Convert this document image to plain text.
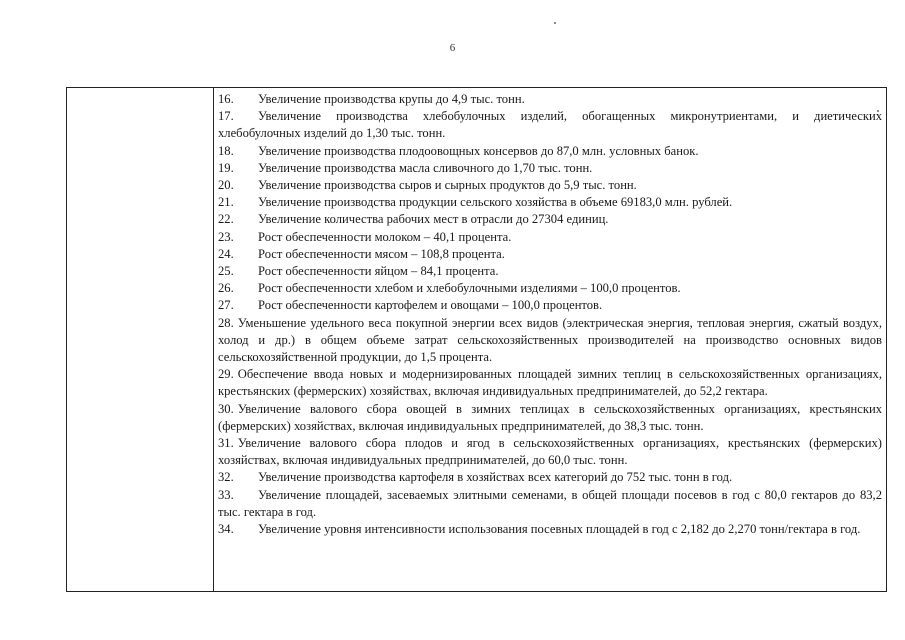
6

16. Увеличение производства крупы до 4,9 тыс. тонн.

17. Увеличение производства хлебобулочных изделий, обогащенных микронутриентами, и диетических хлебобулочных изделий до 1,30 тыс. тонн.

18. Увеличение производства плодоовощных консервов до 87,0 млн. условных банок.

19. Увеличение производства масла сливочного до 1,70 тыс. тонн.

20. Увеличение производства сыров и сырных продуктов до 5,9 тыс. тонн.

21. Увеличение производства продукции сельского хозяйства в объеме 69183,0 млн. рублей.

22. Увеличение количества рабочих мест в отрасли до 27304 единиц.

23. Рост обеспеченности молоком – 40,1 процента.

24. Рост обеспеченности мясом – 108,8 процента.

25. Рост обеспеченности яйцом – 84,1 процента.

26. Рост обеспеченности хлебом и хлебобулочными изделиями – 100,0 процентов.

27. Рост обеспеченности картофелем и овощами – 100,0 процентов.

28. Уменьшение удельного веса покупной энергии всех видов (электрическая энергия, тепловая энергия, сжатый воздух, холод и др.) в общем объеме затрат сельскохозяйственных производителей на производство основных видов сельскохозяйственной продукции, до 1,5 процента.

29. Обеспечение ввода новых и модернизированных площадей зимних теплиц в сельскохозяйственных организациях, крестьянских (фермерских) хозяйствах, включая индивидуальных предпринимателей, до 52,2 гектара.

30. Увеличение валового сбора овощей в зимних теплицах в сельскохозяйственных организациях, крестьянских (фермерских) хозяйствах, включая индивидуальных предпринимателей, до 38,3 тыс. тонн.

31. Увеличение валового сбора плодов и ягод в сельскохозяйственных организациях, крестьянских (фермерских) хозяйствах, включая индивидуальных предпринимателей, до 60,0 тыс. тонн.

32. Увеличение производства картофеля в хозяйствах всех категорий до 752 тыс. тонн в год.

33. Увеличение площадей, засеваемых элитными семенами, в общей площади посевов в год с 80,0 гектаров до 83,2 тыс. гектара в год.

34. Увеличение уровня интенсивности использования посевных площадей в год с 2,182 до 2,270 тонн/гектара в год.
